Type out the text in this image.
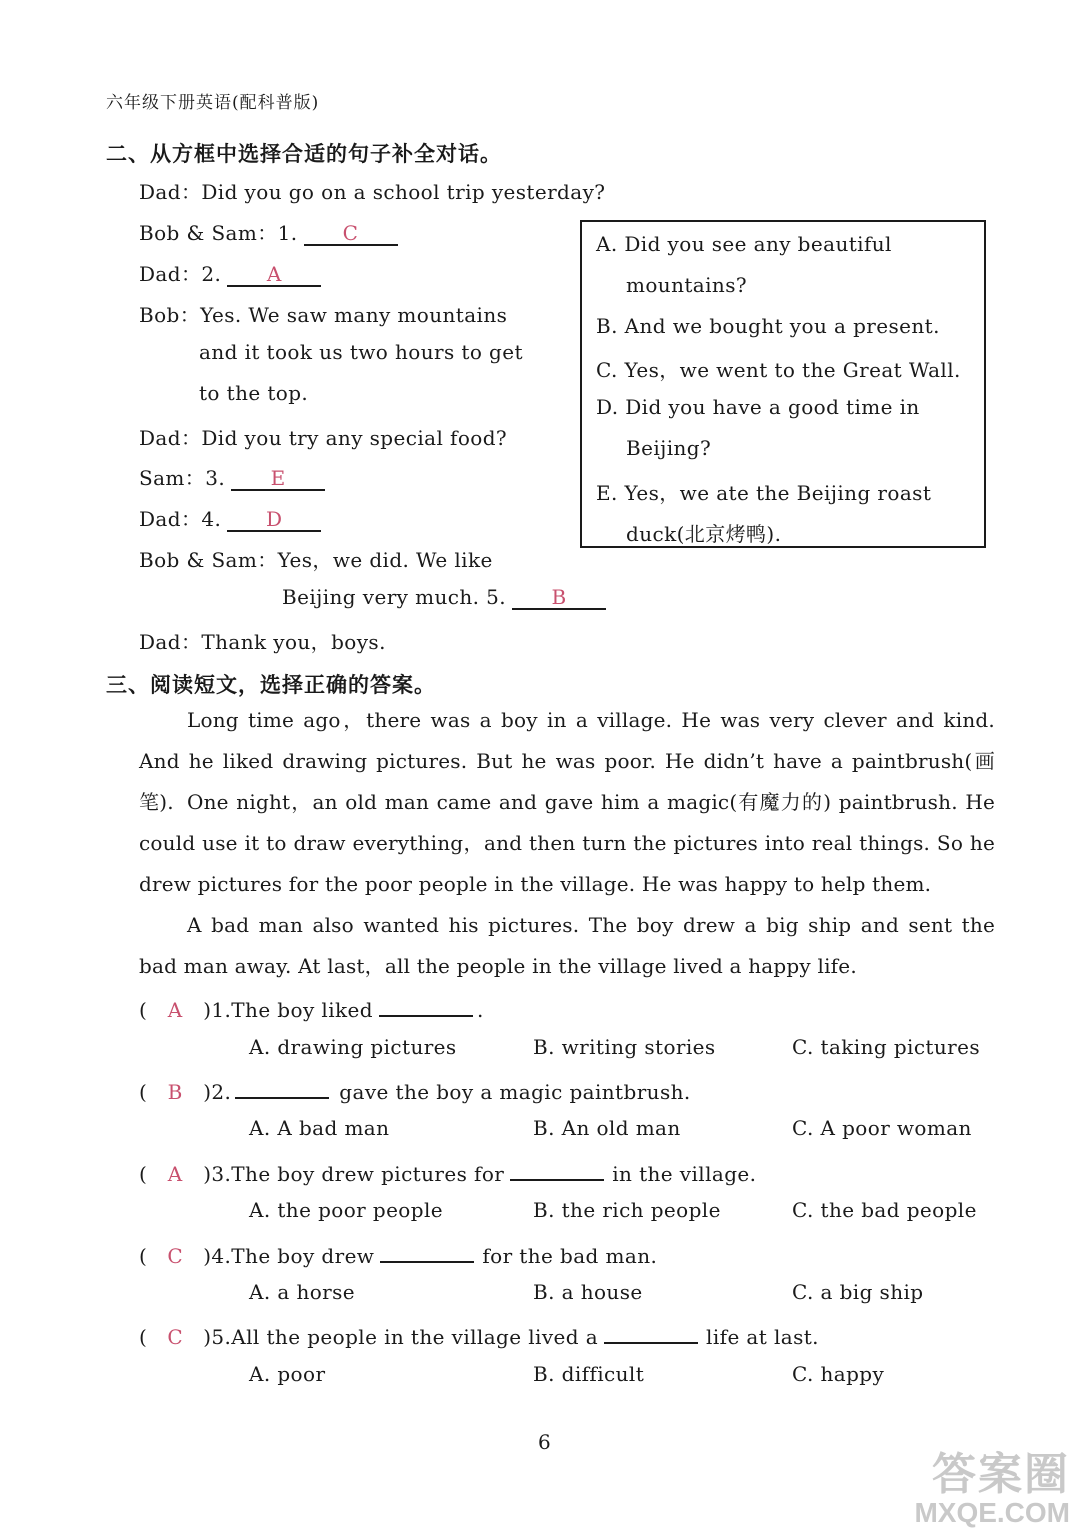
六年级下册英语(配科普版)
二、从方框中选择合适的句子补全对话。
Dad：Did you go on a school trip yesterday?
Bob & Sam：1. C
Dad：2. A
Bob：Yes. We saw many mountains
and it took us two hours to get
to the top.
Dad：Did you try any special food?
Sam：3. E
Dad：4. D
Bob & Sam：Yes，we did. We like
Beijing very much. 5. B
Dad：Thank you，boys.
A. Did you see any beautiful
mountains?
B. And we bought you a present.
C. Yes，we went to the Great Wall.
D. Did you have a good time in
Beijing?
E. Yes，we ate the Beijing roast
duck(北京烤鸭).
三、阅读短文，选择正确的答案。
Long time ago，there was a boy in a village. He was very clever and kind. And he liked drawing pictures. But he was poor. He didn’t have a paintbrush(画笔). One night，an old man came and gave him a magic(有魔力的) paintbrush. He could use it to draw everything，and then turn the pictures into real things. So he drew pictures for the poor people in the village. He was happy to help them.
A bad man also wanted his pictures. The boy drew a big ship and sent the bad man away. At last，all the people in the village lived a happy life.
( A )1.The boy liked	.
A. drawing pictures	B. writing stories	C. taking pictures
( B )2.	gave the boy a magic paintbrush.
A. A bad man	B. An old man	C. A poor woman
( A )3.The boy drew pictures for	in the village.
A. the poor people	B. the rich people	C. the bad people
( C )4.The boy drew	for the bad man.
A. a horse	B. a house	C. a big ship
( C )5.All the people in the village lived a	life at last.
A. poor	B. difficult	C. happy
6
答案圈
MXQE.COM
